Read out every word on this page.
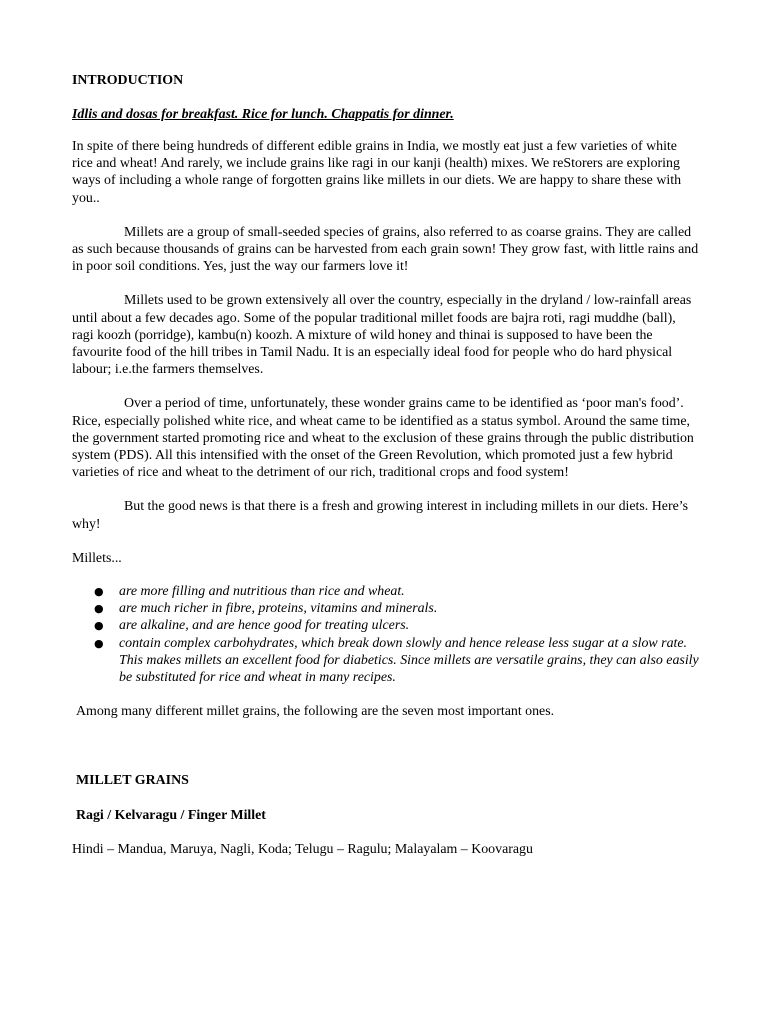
INTRODUCTION
Idlis and dosas for breakfast. Rice for lunch. Chappatis for dinner.

In spite of there being hundreds of different edible grains in India, we mostly eat just a few varieties of white rice and wheat! And rarely, we include grains like ragi in our kanji (health) mixes. We reStorers are exploring ways of including a whole range of forgotten grains like millets in our diets. We are happy to share these with you..

Millets are a group of small-seeded species of grains, also referred to as coarse grains. They are called as such because thousands of grains can be harvested from each grain sown! They grow fast, with little rains and in poor soil conditions. Yes, just the way our farmers love it!

Millets used to be grown extensively all over the country, especially in the dryland / low-rainfall areas until about a few decades ago. Some of the popular traditional millet foods are bajra roti, ragi muddhe (ball), ragi koozh (porridge), kambu(n) koozh. A mixture of wild honey and thinai is supposed to have been the favourite food of the hill tribes in Tamil Nadu. It is an especially ideal food for people who do hard physical labour; i.e.the farmers themselves.

Over a period of time, unfortunately, these wonder grains came to be identified as ‘poor man's food’. Rice, especially polished white rice, and wheat came to be identified as a status symbol. Around the same time, the government started promoting rice and wheat to the exclusion of these grains through the public distribution system (PDS). All this intensified with the onset of the Green Revolution, which promoted just a few hybrid varieties of rice and wheat to the detriment of our rich, traditional crops and food system!

But the good news is that there is a fresh and growing interest in including millets in our diets. Here’s why!

Millets...

● are more filling and nutritious than rice and wheat.
● are much richer in fibre, proteins, vitamins and minerals.
● are alkaline, and are hence good for treating ulcers.
● contain complex carbohydrates, which break down slowly and hence release less sugar at a slow rate. This makes millets an excellent food for diabetics. Since millets are versatile grains, they can also easily be substituted for rice and wheat in many recipes.

Among many different millet grains, the following are the seven most important ones.

MILLET GRAINS
Ragi / Kelvaragu / Finger Millet

Hindi – Mandua, Maruya, Nagli, Koda; Telugu – Ragulu; Malayalam – Koovaragu
